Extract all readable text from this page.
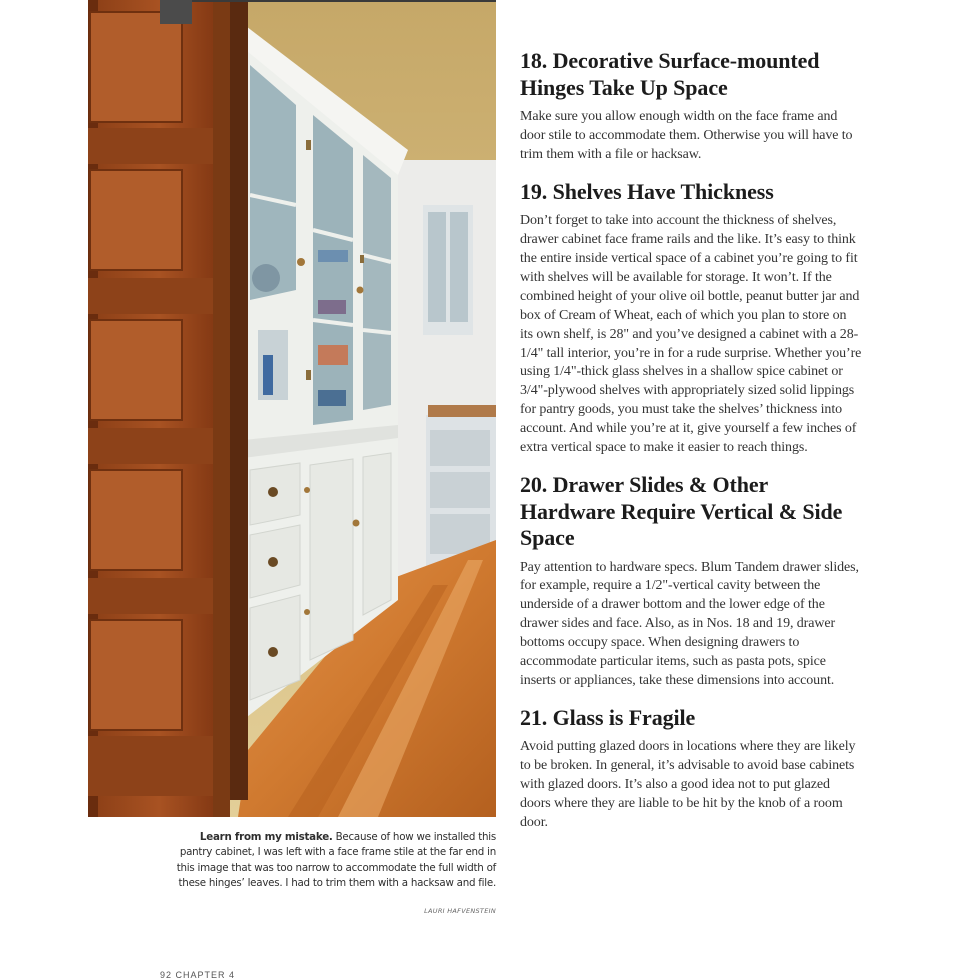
Learn from my mistake. Because of how we installed this pantry cabinet, I was left with a face frame stile at the far end in this image that was too narrow to accommodate the full width of these hinges’ leaves. I had to trim them with a hacksaw and file.
LAURI HAFVENSTEIN
18. Decorative Surface-mounted Hinges Take Up Space

Make sure you allow enough width on the face frame and door stile to accommodate them. Otherwise you will have to trim them with a file or hacksaw.

19. Shelves Have Thickness

Don’t forget to take into account the thickness of shelves, drawer cabinet face frame rails and the like. It’s easy to think the entire inside vertical space of a cabinet you’re going to fit with shelves will be available for storage. It won’t. If the combined height of your olive oil bottle, peanut butter jar and box of Cream of Wheat, each of which you plan to store on its own shelf, is 28" and you’ve designed a cabinet with a 28-1/4" tall interior, you’re in for a rude surprise. Whether you’re using 1/4"-thick glass shelves in a shallow spice cabinet or 3/4"-plywood shelves with appropriately sized solid lippings for pantry goods, you must take the shelves’ thickness into account. And while you’re at it, give yourself a few inches of extra vertical space to make it easier to reach things.

20. Drawer Slides & Other Hardware Require Vertical & Side Space

Pay attention to hardware specs. Blum Tandem drawer slides, for example, require a 1/2"-vertical cavity between the underside of a drawer bottom and the lower edge of the drawer sides and face. Also, as in Nos. 18 and 19, drawer bottoms occupy space. When designing drawers to accommodate particular items, such as pasta pots, spice inserts or appliances, take these dimensions into account.

21. Glass is Fragile

Avoid putting glazed doors in locations where they are likely to be broken. In general, it’s advisable to avoid base cabinets with glazed doors. It’s also a good idea not to put glazed doors where they are liable to be hit by the knob of a room door.

92 CHAPTER 4
